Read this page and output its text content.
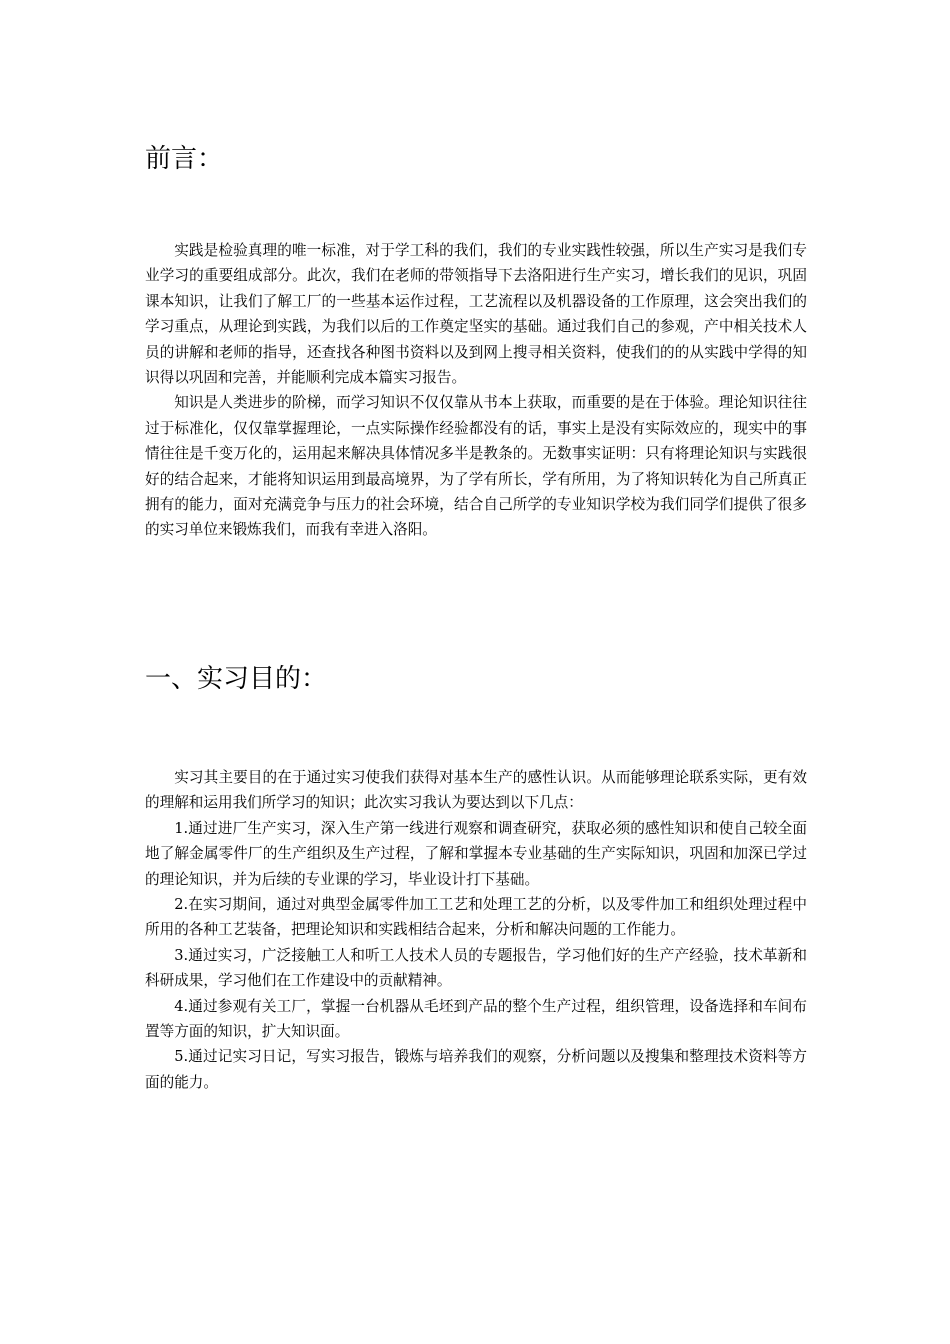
前言：

实践是检验真理的唯一标准，对于学工科的我们，我们的专业实践性较强，所以生产实习是我们专业学习的重要组成部分。此次，我们在老师的带领指导下去洛阳进行生产实习，增长我们的见识，巩固课本知识，让我们了解工厂的一些基本运作过程，工艺流程以及机器设备的工作原理，这会突出我们的学习重点，从理论到实践，为我们以后的工作奠定坚实的基础。通过我们自己的参观，产中相关技术人员的讲解和老师的指导，还查找各种图书资料以及到网上搜寻相关资料，使我们的的从实践中学得的知识得以巩固和完善，并能顺利完成本篇实习报告。

知识是人类进步的阶梯，而学习知识不仅仅靠从书本上获取，而重要的是在于体验。理论知识往往过于标准化，仅仅靠掌握理论，一点实际操作经验都没有的话，事实上是没有实际效应的，现实中的事情往往是千变万化的，运用起来解决具体情况多半是教条的。无数事实证明：只有将理论知识与实践很好的结合起来，才能将知识运用到最高境界，为了学有所长，学有所用，为了将知识转化为自己所真正拥有的能力，面对充满竞争与压力的社会环境，结合自己所学的专业知识学校为我们同学们提供了很多的实习单位来锻炼我们，而我有幸进入洛阳。

一、实习目的：

实习其主要目的在于通过实习使我们获得对基本生产的感性认识。从而能够理论联系实际，更有效的理解和运用我们所学习的知识；此次实习我认为要达到以下几点：

1.通过进厂生产实习，深入生产第一线进行观察和调查研究，获取必须的感性知识和使自己较全面地了解金属零件厂的生产组织及生产过程，了解和掌握本专业基础的生产实际知识，巩固和加深已学过的理论知识，并为后续的专业课的学习，毕业设计打下基础。

2.在实习期间，通过对典型金属零件加工工艺和处理工艺的分析，以及零件加工和组织处理过程中所用的各种工艺装备，把理论知识和实践相结合起来，分析和解决问题的工作能力。

3.通过实习，广泛接触工人和听工人技术人员的专题报告，学习他们好的生产产经验，技术革新和科研成果，学习他们在工作建设中的贡献精神。

4.通过参观有关工厂，掌握一台机器从毛坯到产品的整个生产过程，组织管理，设备选择和车间布置等方面的知识，扩大知识面。

5.通过记实习日记，写实习报告，锻炼与培养我们的观察，分析问题以及搜集和整理技术资料等方面的能力。
